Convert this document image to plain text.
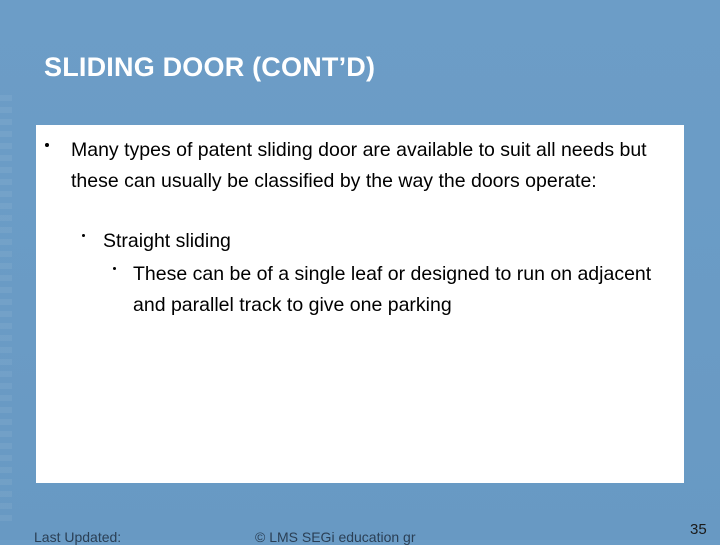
SLIDING DOOR (CONT’D)
Many types of patent sliding door are available to suit all needs but these can usually be classified by the way the doors operate:
Straight sliding
These can be of a single leaf or designed to run on adjacent and parallel track to give one parking
Last Updated:	© LMS SEGi education gr	35
